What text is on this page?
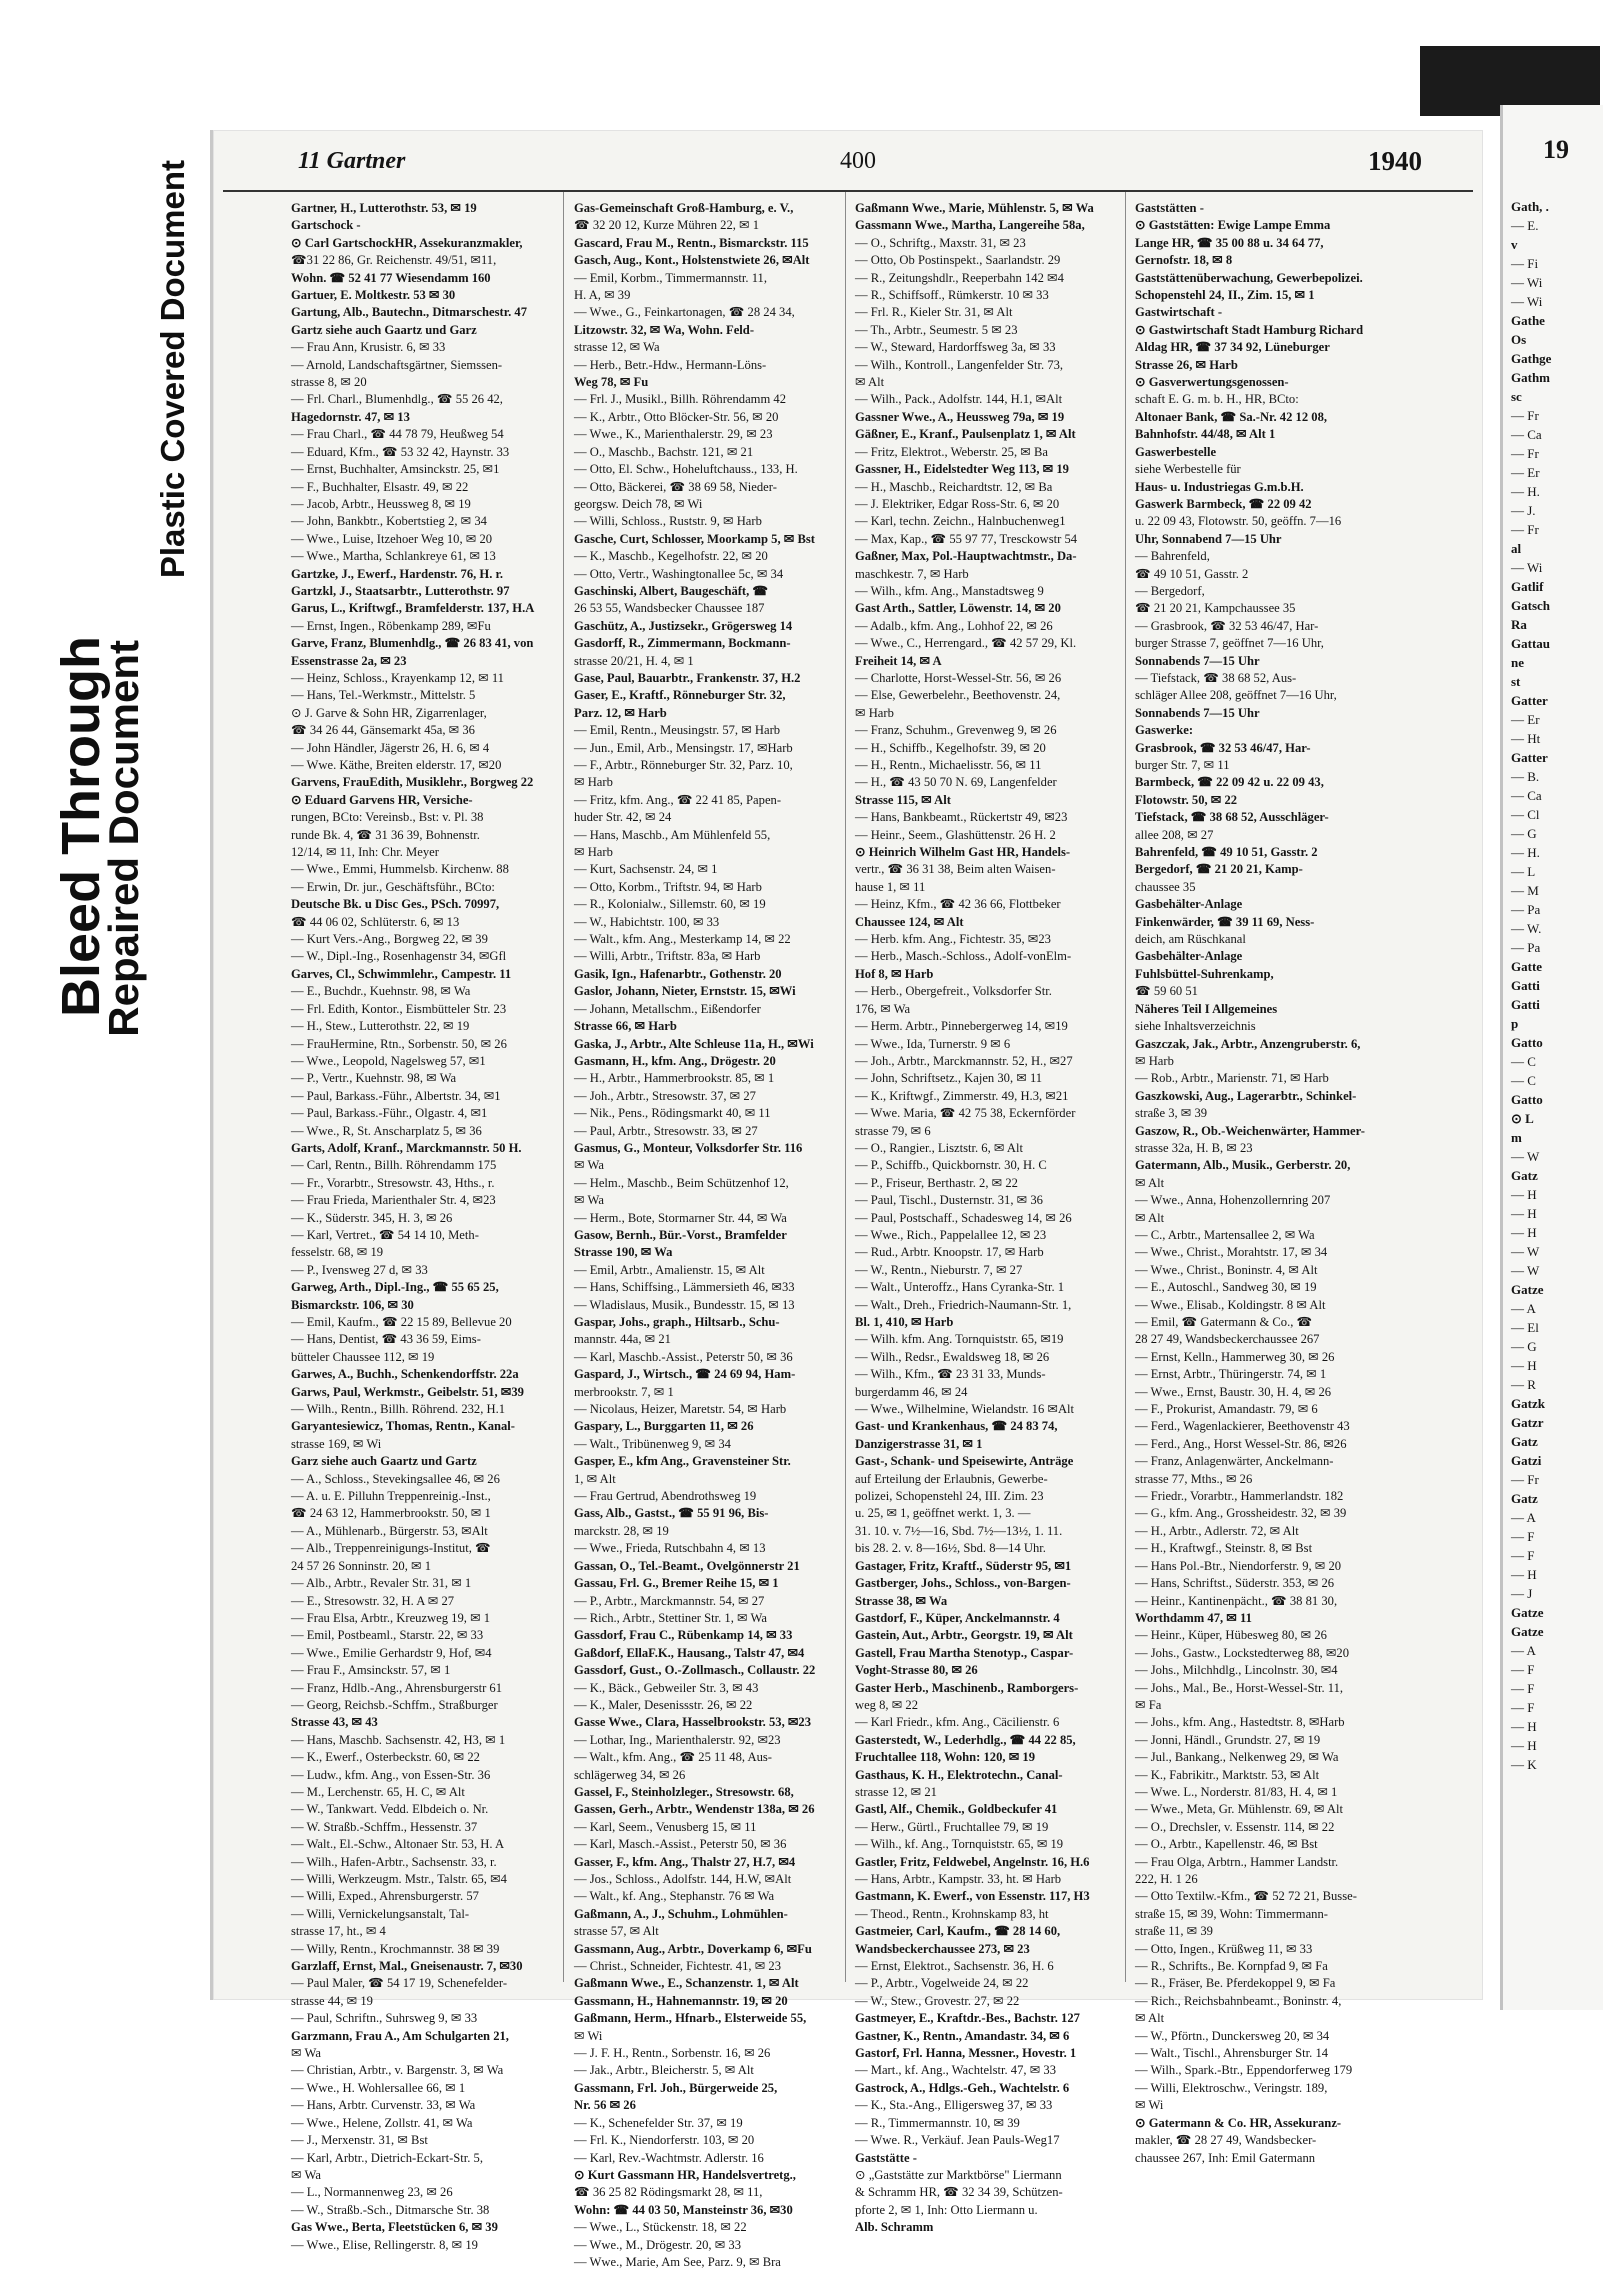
Bleed Through
Repaired Document
Plastic Covered Document	11 Gartner	400	1940
Gartner, H., Lutterothstr. 53, ✉ 19
Gartschock -
⊙ Carl GartschockHR, Assekuranzmakler,
☎31 22 86, Gr. Reichenstr. 49/51, ✉11,
Wohn. ☎ 52 41 77 Wiesendamm 160
Gartuer, E. Moltkestr. 53 ✉ 30
Gartung, Alb., Bautechn., Ditmarschestr. 47
Gartz siehe auch Gaartz und Garz
— Frau Ann, Krusistr. 6, ✉ 33
— Arnold, Landschaftsgärtner, Siemssen-
strasse 8, ✉ 20
— Frl. Charl., Blumenhdlg., ☎ 55 26 42,
Hagedornstr. 47, ✉ 13
— Frau Charl., ☎ 44 78 79, Heußweg 54
— Eduard, Kfm., ☎ 53 32 42, Haynstr. 33
— Ernst, Buchhalter, Amsinckstr. 25, ✉1
— F., Buchhalter, Elsastr. 49, ✉ 22
— Jacob, Arbtr., Heussweg 8, ✉ 19
— John, Bankbtr., Kobertstieg 2, ✉ 34
— Wwe., Luise, Itzehoer Weg 10, ✉ 20
— Wwe., Martha, Schlankreye 61, ✉ 13
Gartzke, J., Ewerf., Hardenstr. 76, H. r.
Gartzkl, J., Staatsarbtr., Lutterothstr. 97
Garus, L., Kriftwgf., Bramfelderstr. 137, H.A
— Ernst, Ingen., Röbenkamp 289, ✉Fu
Garve, Franz, Blumenhdlg., ☎ 26 83 41, von
Essenstrasse 2a, ✉ 23
— Heinz, Schloss., Krayenkamp 12, ✉ 11
— Hans, Tel.-Werkmstr., Mittelstr. 5
⊙ J. Garve & Sohn HR, Zigarrenlager,
☎ 34 26 44, Gänsemarkt 45a, ✉ 36
— John Händler, Jägerstr 26, H. 6, ✉ 4
— Wwe. Käthe, Breiten elderstr. 17, ✉20
Garvens, FrauEdith, Musiklehr., Borgweg 22
⊙ Eduard Garvens HR, Versiche-
rungen, BCto: Vereinsb., Bst: v. Pl. 38
runde Bk. 4, ☎ 31 36 39, Bohnenstr.
12/14, ✉ 11, Inh: Chr. Meyer
— Wwe., Emmi, Hummelsb. Kirchenw. 88
— Erwin, Dr. jur., Geschäftsführ., BCto:
Deutsche Bk. u Disc Ges., PSch. 70997,
☎ 44 06 02, Schlüterstr. 6, ✉ 13
— Kurt Vers.-Ang., Borgweg 22, ✉ 39
— W., Dipl.-Ing., Rosenhagenstr 34, ✉Gfl
Garves, Cl., Schwimmlehr., Campestr. 11
— E., Buchdr., Kuehnstr. 98, ✉ Wa
— Frl. Edith, Kontor., Eismbütteler Str. 23
— H., Stew., Lutterothstr. 22, ✉ 19
— FrauHermine, Rtn., Sorbenstr. 50, ✉ 26
— Wwe., Leopold, Nagelsweg 57, ✉1
— P., Vertr., Kuehnstr. 98, ✉ Wa
— Paul, Barkass.-Führ., Albertstr. 34, ✉1
— Paul, Barkass.-Führ., Olgastr. 4, ✉1
— Wwe., R, St. Anscharplatz 5, ✉ 36
Garts, Adolf, Kranf., Marckmannstr. 50 H.
— Carl, Rentn., Billh. Röhrendamm 175
— Fr., Vorarbtr., Stresowstr. 43, Hths., r.
— Frau Frieda, Marienthaler Str. 4, ✉23
— K., Süderstr. 345, H. 3, ✉ 26
— Karl, Vertret., ☎ 54 14 10, Meth-
fesselstr. 68, ✉ 19
— P., Ivensweg 27 d, ✉ 33
Garweg, Arth., Dipl.-Ing., ☎ 55 65 25,
Bismarckstr. 106, ✉ 30
— Emil, Kaufm., ☎ 22 15 89, Bellevue 20
— Hans, Dentist, ☎ 43 36 59, Eims-
bütteler Chaussee 112, ✉ 19
Garwes, A., Buchh., Schenkendorffstr. 22a
Garws, Paul, Werkmstr., Geibelstr. 51, ✉39
— Wilh., Rentn., Billh. Röhrend. 232, H.1
Garyantesiewicz, Thomas, Rentn., Kanal-
strasse 169, ✉ Wi
Garz siehe auch Gaartz und Gartz
— A., Schloss., Stevekingsallee 46, ✉ 26
— A. u. E. Pilluhn Treppenreinig.-Inst.,
☎ 24 63 12, Hammerbrookstr. 50, ✉ 1
— A., Mühlenarb., Bürgerstr. 53, ✉Alt
— Alb., Treppenreinigungs-Institut, ☎
24 57 26 Sonninstr. 20, ✉ 1
— Alb., Arbtr., Revaler Str. 31, ✉ 1
— E., Stresowstr. 32, H. A ✉ 27
— Frau Elsa, Arbtr., Kreuzweg 19, ✉ 1
— Emil, Postbeaml., Starstr. 22, ✉ 33
— Wwe., Emilie Gerhardstr 9, Hof, ✉4
— Frau F., Amsinckstr. 57, ✉ 1
— Franz, Hdlb.-Ang., Ahrensburgerstr 61
— Georg, Reichsb.-Schffm., Straßburger
Strasse 43, ✉ 43
— Hans, Maschb. Sachsenstr. 42, H3, ✉ 1
— K., Ewerf., Osterbeckstr. 60, ✉ 22
— Ludw., kfm. Ang., von Essen-Str. 36
— M., Lerchenstr. 65, H. C, ✉ Alt
— W., Tankwart. Vedd. Elbdeich o. Nr.
— W. Straßb.-Schffm., Hessenstr. 37
— Walt., El.-Schw., Altonaer Str. 53, H. A
— Wilh., Hafen-Arbtr., Sachsenstr. 33, r.
— Willi, Werkzeugm. Mstr., Talstr. 65, ✉4
— Willi, Exped., Ahrensburgerstr. 57
— Willi, Vernickelungsanstalt, Tal-
strasse 17, ht., ✉ 4
— Willy, Rentn., Krochmannstr. 38 ✉ 39
Garzlaff, Ernst, Mal., Gneisenaustr. 7, ✉30
— Paul Maler, ☎ 54 17 19, Schenefelder-
strasse 44, ✉ 19
— Paul, Schriftn., Suhrsweg 9, ✉ 33
Garzmann, Frau A., Am Schulgarten 21,
✉ Wa
— Christian, Arbtr., v. Bargenstr. 3, ✉ Wa
— Wwe., H. Wohlersallee 66, ✉ 1
— Hans, Arbtr. Curvenstr. 33, ✉ Wa
— Wwe., Helene, Zollstr. 41, ✉ Wa
— J., Merxenstr. 31, ✉ Bst
— Karl, Arbtr., Dietrich-Eckart-Str. 5,
✉ Wa
— L., Normannenweg 23, ✉ 26
— W., Straßb.-Sch., Ditmarsche Str. 38
Gas Wwe., Berta, Fleetstücken 6, ✉ 39
— Wwe., Elise, Rellingerstr. 8, ✉ 19
Gas-Gemeinschaft Groß-Hamburg, e. V.,
☎ 32 20 12, Kurze Mühren 22, ✉ 1
Gascard, Frau M., Rentn., Bismarckstr. 115
Gasch, Aug., Kont., Holstenstwiete 26, ✉Alt
— Emil, Korbm., Timmermannstr. 11,
H. A, ✉ 39
— Wwe., G., Feinkartonagen, ☎ 28 24 34,
Litzowstr. 32, ✉ Wa, Wohn. Feld-
strasse 12, ✉ Wa
— Herb., Betr.-Hdw., Hermann-Löns-
Weg 78, ✉ Fu
— Frl. J., Musikl., Billh. Röhrendamm 42
— K., Arbtr., Otto Blöcker-Str. 56, ✉ 20
— Wwe., K., Marienthalerstr. 29, ✉ 23
— O., Maschb., Bachstr. 121, ✉ 21
— Otto, El. Schw., Hoheluftchauss., 133, H.
— Otto, Bäckerei, ☎ 38 69 58, Nieder-
georgsw. Deich 78, ✉ Wi
— Willi, Schloss., Ruststr. 9, ✉ Harb
Gasche, Curt, Schlosser, Moorkamp 5, ✉ Bst
— K., Maschb., Kegelhofstr. 22, ✉ 20
— Otto, Vertr., Washingtonallee 5c, ✉ 34
Gaschinski, Albert, Baugeschäft, ☎
26 53 55, Wandsbecker Chaussee 187
Gaschütz, A., Justizsekr., Grögersweg 14
Gasdorff, R., Zimmermann, Bockmann-
strasse 20/21, H. 4, ✉ 1
Gase, Paul, Bauarbtr., Frankenstr. 37, H.2
Gaser, E., Kraftf., Rönneburger Str. 32,
Parz. 12, ✉ Harb
— Emil, Rentn., Meusingstr. 57, ✉ Harb
— Jun., Emil, Arb., Mensingstr. 17, ✉Harb
— F., Arbtr., Rönneburger Str. 32, Parz. 10,
✉ Harb
— Fritz, kfm. Ang., ☎ 22 41 85, Papen-
huder Str. 42, ✉ 24
— Hans, Maschb., Am Mühlenfeld 55,
✉ Harb
— Kurt, Sachsenstr. 24, ✉ 1
— Otto, Korbm., Triftstr. 94, ✉ Harb
— R., Kolonialw., Sillemstr. 60, ✉ 19
— W., Habichtstr. 100, ✉ 33
— Walt., kfm. Ang., Mesterkamp 14, ✉ 22
— Willi, Arbtr., Triftstr. 83a, ✉ Harb
Gasik, Ign., Hafenarbtr., Gothenstr. 20
Gaslor, Johann, Nieter, Ernststr. 15, ✉Wi
— Johann, Metallschm., Eißendorfer
Strasse 66, ✉ Harb
Gaska, J., Arbtr., Alte Schleuse 11a, H., ✉Wi
Gasmann, H., kfm. Ang., Drögestr. 20
— H., Arbtr., Hammerbrookstr. 85, ✉ 1
— Joh., Arbtr., Stresowstr. 37, ✉ 27
— Nik., Pens., Rödingsmarkt 40, ✉ 11
— Paul, Arbtr., Stresowstr. 33, ✉ 27
Gasmus, G., Monteur, Volksdorfer Str. 116
✉ Wa
— Helm., Maschb., Beim Schützenhof 12,
✉ Wa
— Herm., Bote, Stormarner Str. 44, ✉ Wa
Gasow, Bernh., Bür.-Vorst., Bramfelder
Strasse 190, ✉ Wa
— Emil, Arbtr., Amalienstr. 15, ✉ Alt
— Hans, Schiffsing., Lämmersieth 46, ✉33
— Wladislaus, Musik., Bundesstr. 15, ✉ 13
Gaspar, Johs., graph., Hiltsarb., Schu-
mannstr. 44a, ✉ 21
— Karl, Maschb.-Assist., Peterstr 50, ✉ 36
Gaspard, J., Wirtsch., ☎ 24 69 94, Ham-
merbrookstr. 7, ✉ 1
— Nicolaus, Heizer, Maretstr. 54, ✉ Harb
Gaspary, L., Burggarten 11, ✉ 26
— Walt., Tribünenweg 9, ✉ 34
Gasper, E., kfm Ang., Gravensteiner Str.
1, ✉ Alt
— Frau Gertrud, Abendrothsweg 19
Gass, Alb., Gastst., ☎ 55 91 96, Bis-
marckstr. 28, ✉ 19
— Wwe., Frieda, Rutschbahn 4, ✉ 13
Gassan, O., Tel.-Beamt., Ovelgönnerstr 21
Gassau, Frl. G., Bremer Reihe 15, ✉ 1
— P., Arbtr., Marckmannstr. 54, ✉ 27
— Rich., Arbtr., Stettiner Str. 1, ✉ Wa
Gassdorf, Frau C., Rübenkamp 14, ✉ 33
Gaßdorf, EllaF.K., Hausang., Talstr 47, ✉4
Gassdorf, Gust., O.-Zollmasch., Collaustr. 22
— K., Bäck., Gebweiler Str. 3, ✉ 43
— K., Maler, Desenissstr. 26, ✉ 22
Gasse Wwe., Clara, Hasselbrookstr. 53, ✉23
— Lothar, Ing., Marienthalerstr. 92, ✉23
— Walt., kfm. Ang., ☎ 25 11 48, Aus-
schlägerweg 34, ✉ 26
Gassel, F., Steinholzleger., Stresowstr. 68,
Gassen, Gerh., Arbtr., Wendenstr 138a, ✉ 26
— Karl, Seem., Venusberg 15, ✉ 11
— Karl, Masch.-Assist., Peterstr 50, ✉ 36
Gasser, F., kfm. Ang., Thalstr 27, H.7, ✉4
— Jos., Schloss., Adolfstr. 144, H.W, ✉Alt
— Walt., kf. Ang., Stephanstr. 76 ✉ Wa
Gaßmann, A., J., Schuhm., Lohmühlen-
strasse 57, ✉ Alt
Gassmann, Aug., Arbtr., Doverkamp 6, ✉Fu
— Christ., Schneider, Fichtestr. 41, ✉ 23
Gaßmann Wwe., E., Schanzenstr. 1, ✉ Alt
Gassmann, H., Hahnemannstr. 19, ✉ 20
Gaßmann, Herm., Hfnarb., Elsterweide 55,
✉ Wi
— J. F. H., Rentn., Sorbenstr. 16, ✉ 26
— Jak., Arbtr., Bleicherstr. 5, ✉ Alt
Gassmann, Frl. Joh., Bürgerweide 25,
Nr. 56 ✉ 26
— K., Schenefelder Str. 37, ✉ 19
— Frl. K., Niendorferstr. 103, ✉ 20
— Karl, Rev.-Wachtmstr. Adlerstr. 16
⊙ Kurt Gassmann HR, Handelsvertretg.,
☎ 36 25 82 Rödingsmarkt 28, ✉ 11,
Wohn: ☎ 44 03 50, Mansteinstr 36, ✉30
— Wwe., L., Stückenstr. 18, ✉ 22
— Wwe., M., Drögestr. 20, ✉ 33
— Wwe., Marie, Am See, Parz. 9, ✉ Bra
Gaßmann Wwe., Marie, Mühlenstr. 5, ✉ Wa
Gassmann Wwe., Martha, Langereihe 58a,
— O., Schriftg., Maxstr. 31, ✉ 23
— Otto, Ob Postinspekt., Saarlandstr. 29
— R., Zeitungshdlr., Reeperbahn 142 ✉4
— R., Schiffsoff., Rümkerstr. 10 ✉ 33
— Frl. R., Kieler Str. 31, ✉ Alt
— Th., Arbtr., Seumestr. 5 ✉ 23
— W., Steward, Hardorffsweg 3a, ✉ 33
— Wilh., Kontroll., Langenfelder Str. 73,
✉ Alt
— Wilh., Pack., Adolfstr. 144, H.1, ✉Alt
Gassner Wwe., A., Heussweg 79a, ✉ 19
Gäßner, E., Kranf., Paulsenplatz 1, ✉ Alt
— Fritz, Elektrot., Weberstr. 25, ✉ Ba
Gassner, H., Eidelstedter Weg 113, ✉ 19
— H., Maschb., Reichardtstr. 12, ✉ Ba
— J. Elektriker, Edgar Ross-Str. 6, ✉ 20
— Karl, techn. Zeichn., Halnbuchenweg1
— Max, Kap., ☎ 55 97 77, Tresckowstr 54
Gaßner, Max, Pol.-Hauptwachtmstr., Da-
maschkestr. 7, ✉ Harb
— Wilh., kfm. Ang., Manstadtsweg 9
Gast Arth., Sattler, Löwenstr. 14, ✉ 20
— Adalb., kfm. Ang., Lohhof 22, ✉ 26
— Wwe., C., Herrengard., ☎ 42 57 29, Kl.
Freiheit 14, ✉ A
— Charlotte, Horst-Wessel-Str. 56, ✉ 26
— Else, Gewerbelehr., Beethovenstr. 24,
✉ Harb
— Franz, Schuhm., Grevenweg 9, ✉ 26
— H., Schiffb., Kegelhofstr. 39, ✉ 20
— H., Rentn., Michaelisstr. 56, ✉ 11
— H., ☎ 43 50 70 N. 69, Langenfelder
Strasse 115, ✉ Alt
— Hans, Bankbeamt., Rückertstr 49, ✉23
— Heinr., Seem., Glashüttenstr. 26 H. 2
⊙ Heinrich Wilhelm Gast HR, Handels-
vertr., ☎ 36 31 38, Beim alten Waisen-
hause 1, ✉ 11
— Heinz, Kfm., ☎ 42 36 66, Flottbeker
Chaussee 124, ✉ Alt
— Herb. kfm. Ang., Fichtestr. 35, ✉23
— Herb., Masch.-Schloss., Adolf-vonElm-
Hof 8, ✉ Harb
— Herb., Obergefreit., Volksdorfer Str.
176, ✉ Wa
— Herm. Arbtr., Pinnebergerweg 14, ✉19
— Wwe., Ida, Turnerstr. 9 ✉ 6
— Joh., Arbtr., Marckmannstr. 52, H., ✉27
— John, Schriftsetz., Kajen 30, ✉ 11
— K., Kriftwgf., Zimmerstr. 49, H.3, ✉21
— Wwe. Maria, ☎ 42 75 38, Eckernförder
strasse 79, ✉ 6
— O., Rangier., Lisztstr. 6, ✉ Alt
— P., Schiffb., Quickbornstr. 30, H. C
— P., Friseur, Berthastr. 2, ✉ 22
— Paul, Tischl., Dusternstr. 31, ✉ 36
— Paul, Postschaff., Schadesweg 14, ✉ 26
— Wwe., Rich., Pappelallee 12, ✉ 23
— Rud., Arbtr. Knoopstr. 17, ✉ Harb
— W., Rentn., Nieburstr. 7, ✉ 27
— Walt., Unteroffz., Hans Cyranka-Str. 1
— Walt., Dreh., Friedrich-Naumann-Str. 1,
Bl. 1, 410, ✉ Harb
— Wilh. kfm. Ang. Tornquiststr. 65, ✉19
— Wilh., Redsr., Ewaldsweg 18, ✉ 26
— Wilh., Kfm., ☎ 23 31 33, Munds-
burgerdamm 46, ✉ 24
— Wwe., Wilhelmine, Wielandstr. 16 ✉Alt
Gast- und Krankenhaus, ☎ 24 83 74,
Danzigerstrasse 31, ✉ 1
Gast-, Schank- und Speisewirte, Anträge
auf Erteilung der Erlaubnis, Gewerbe-
polizei, Schopenstehl 24, III. Zim. 23
u. 25, ✉ 1, geöffnet werkt. 1, 3. —
31. 10. v. 7½—16, Sbd. 7½—13½, 1. 11.
bis 28. 2. v. 8—16½, Sbd. 8—14 Uhr.
Gastager, Fritz, Kraftf., Süderstr 95, ✉1
Gastberger, Johs., Schloss., von-Bargen-
Strasse 38, ✉ Wa
Gastdorf, F., Küper, Anckelmannstr. 4
Gastein, Aut., Arbtr., Georgstr. 19, ✉ Alt
Gastell, Frau Martha Stenotyp., Caspar-
Voght-Strasse 80, ✉ 26
Gaster Herb., Maschinenb., Ramborgers-
weg 8, ✉ 22
— Karl Friedr., kfm. Ang., Cäcilienstr. 6
Gasterstedt, W., Lederhdlg., ☎ 44 22 85,
Fruchtallee 118, Wohn: 120, ✉ 19
Gasthaus, K. H., Elektrotechn., Canal-
strasse 12, ✉ 21
Gastl, Alf., Chemik., Goldbeckufer 41
— Herw., Gürtl., Fruchtallee 79, ✉ 19
— Wilh., kf. Ang., Tornquiststr. 65, ✉ 19
Gastler, Fritz, Feldwebel, Angelnstr. 16, H.6
— Hans, Arbtr., Kampstr. 33, ht. ✉ Harb
Gastmann, K. Ewerf., von Essenstr. 117, H3
— Theod., Rentn., Krohnskamp 83, ht
Gastmeier, Carl, Kaufm., ☎ 28 14 60,
Wandsbeckerchaussee 273, ✉ 23
— Ernst, Elektrot., Sachsenstr. 36, H. 6
— P., Arbtr., Vogelweide 24, ✉ 22
— W., Stew., Grovestr. 27, ✉ 22
Gastmeyer, E., Kraftdr.-Bes., Bachstr. 127
Gastner, K., Rentn., Amandastr. 34, ✉ 6
Gastorf, Frl. Hanna, Messner., Hovestr. 1
— Mart., kf. Ang., Wachtelstr. 47, ✉ 33
Gastrock, A., Hdlgs.-Geh., Wachtelstr. 6
— K., Sta.-Ang., Elligersweg 37, ✉ 33
— R., Timmermannstr. 10, ✉ 39
— Wwe. R., Verkäuf. Jean Pauls-Weg17
Gaststätte -
⊙ „Gaststätte zur Marktbörse" Liermann
& Schramm HR, ☎ 32 34 39, Schützen-
pforte 2, ✉ 1, Inh: Otto Liermann u.
Alb. Schramm
Gaststätten -
⊙ Gaststätten: Ewige Lampe Emma
Lange HR, ☎ 35 00 88 u. 34 64 77,
Gernofstr. 18, ✉ 8
Gaststättenüberwachung, Gewerbepolizei.
Schopenstehl 24, II., Zim. 15, ✉ 1
Gastwirtschaft -
⊙ Gastwirtschaft Stadt Hamburg Richard
Aldag HR, ☎ 37 34 92, Lüneburger
Strasse 26, ✉ Harb
⊙ Gasverwertungsgenossen-
schaft E. G. m. b. H., HR, BCto:
Altonaer Bank, ☎ Sa.-Nr. 42 12 08,
Bahnhofstr. 44/48, ✉ Alt 1
Gaswerbestelle
siehe Werbestelle für
Haus- u. Industriegas G.m.b.H.
Gaswerk Barmbeck, ☎ 22 09 42
u. 22 09 43, Flotowstr. 50, geöffn. 7—16
Uhr, Sonnabend 7—15 Uhr
— Bahrenfeld,
☎ 49 10 51, Gasstr. 2
— Bergedorf,
☎ 21 20 21, Kampchaussee 35
— Grasbrook, ☎ 32 53 46/47, Har-
burger Strasse 7, geöffnet 7—16 Uhr,
Sonnabends 7—15 Uhr
— Tiefstack, ☎ 38 68 52, Aus-
schläger Allee 208, geöffnet 7—16 Uhr,
Sonnabends 7—15 Uhr
Gaswerke:
Grasbrook, ☎ 32 53 46/47, Har-
burger Str. 7, ✉ 11
Barmbeck, ☎ 22 09 42 u. 22 09 43,
Flotowstr. 50, ✉ 22
Tiefstack, ☎ 38 68 52, Ausschläger-
allee 208, ✉ 27
Bahrenfeld, ☎ 49 10 51, Gasstr. 2
Bergedorf, ☎ 21 20 21, Kamp-
chaussee 35
Gasbehälter-Anlage
Finkenwärder, ☎ 39 11 69, Ness-
deich, am Rüschkanal
Gasbehälter-Anlage
Fuhlsbüttel-Suhrenkamp,
☎ 59 60 51
Näheres Teil I Allgemeines
siehe Inhaltsverzeichnis
Gaszczak, Jak., Arbtr., Anzengruberstr. 6,
✉ Harb
— Rob., Arbtr., Marienstr. 71, ✉ Harb
Gaszkowski, Aug., Lagerarbtr., Schinkel-
straße 3, ✉ 39
Gaszow, R., Ob.-Weichenwärter, Hammer-
strasse 32a, H. B, ✉ 23
Gatermann, Alb., Musik., Gerberstr. 20,
✉ Alt
— Wwe., Anna, Hohenzollernring 207
✉ Alt
— C., Arbtr., Martensallee 2, ✉ Wa
— Wwe., Christ., Morahtstr. 17, ✉ 34
— Wwe., Christ., Boninstr. 4, ✉ Alt
— E., Autoschl., Sandweg 30, ✉ 19
— Wwe., Elisab., Koldingstr. 8 ✉ Alt
— Emil, ☎ Gatermann & Co., ☎
28 27 49, Wandsbeckerchaussee 267
— Ernst, Kelln., Hammerweg 30, ✉ 26
— Ernst, Arbtr., Thüringerstr. 74, ✉ 1
— Wwe., Ernst, Baustr. 30, H. 4, ✉ 26
— F., Prokurist, Amandastr. 79, ✉ 6
— Ferd., Wagenlackierer, Beethovenstr 43
— Ferd., Ang., Horst Wessel-Str. 86, ✉26
— Franz, Anlagenwärter, Anckelmann-
strasse 77, Mths., ✉ 26
— Friedr., Vorarbtr., Hammerlandstr. 182
— G., kfm. Ang., Grossheidestr. 32, ✉ 39
— H., Arbtr., Adlerstr. 72, ✉ Alt
— H., Kraftwgf., Steinstr. 8, ✉ Bst
— Hans Pol.-Btr., Niendorferstr. 9, ✉ 20
— Hans, Schriftst., Süderstr. 353, ✉ 26
— Heinr., Kantinenpächt., ☎ 38 81 30,
Worthdamm 47, ✉ 11
— Heinr., Küper, Hübesweg 80, ✉ 26
— Johs., Gastw., Lockstedterweg 88, ✉20
— Johs., Milchhdlg., Lincolnstr. 30, ✉4
— Johs., Mal., Be., Horst-Wessel-Str. 11,
✉ Fa
— Johs., kfm. Ang., Hastedtstr. 8, ✉Harb
— Jonni, Händl., Grundstr. 27, ✉ 19
— Jul., Bankang., Nelkenweg 29, ✉ Wa
— K., Fabrikitr., Marktstr. 53, ✉ Alt
— Wwe. L., Norderstr. 81/83, H. 4, ✉ 1
— Wwe., Meta, Gr. Mühlenstr. 69, ✉ Alt
— O., Drechsler, v. Essenstr. 114, ✉ 22
— O., Arbtr., Kapellenstr. 46, ✉ Bst
— Frau Olga, Arbtrn., Hammer Landstr.
222, H. 1 26
— Otto Textilw.-Kfm., ☎ 52 72 21, Busse-
straße 15, ✉ 39, Wohn: Timmermann-
straße 11, ✉ 39
— Otto, Ingen., Krüßweg 11, ✉ 33
— R., Schrifts., Be. Kornpfad 9, ✉ Fa
— R., Fräser, Be. Pferdekoppel 9, ✉ Fa
— Rich., Reichsbahnbeamt., Boninstr. 4,
✉ Alt
— W., Pförtn., Dunckersweg 20, ✉ 34
— Walt., Tischl., Ahrensburger Str. 14
— Wilh., Spark.-Btr., Eppendorferweg 179
— Willi, Elektroschw., Veringstr. 189,
✉ Wi
⊙ Gatermann & Co. HR, Assekuranz-
makler, ☎ 28 27 49, Wandsbecker-
chaussee 267, Inh: Emil Gatermann
19
Gath, .
— E.
v
— Fi
— Wi
— Wi
Gathe
Os
Gathge
Gathm
sc
— Fr
— Ca
— Fr
— Er
— H.
— J.
— Fr
al
— Wi
Gatlif
Gatsch
Ra
Gattau
ne
st
Gatter
— Er
— Ht
Gatter
— B.
— Ca
— Cl
— G
— H.
— L
— M
— Pa
— W.
— Pa
Gatte
Gatti
Gatti
p
Gatto
— C
— C
Gatto
⊙ L
m
— W
Gatz
— H
— H
— H
— W
— W
Gatze
— A
— El
— G
— H
— R
Gatzk
Gatzr
Gatz
Gatzi
— Fr
Gatz
— A
— F
— F
— H
— J
Gatze
Gatze
— A
— F
— F
— F
— H
— H
— K
